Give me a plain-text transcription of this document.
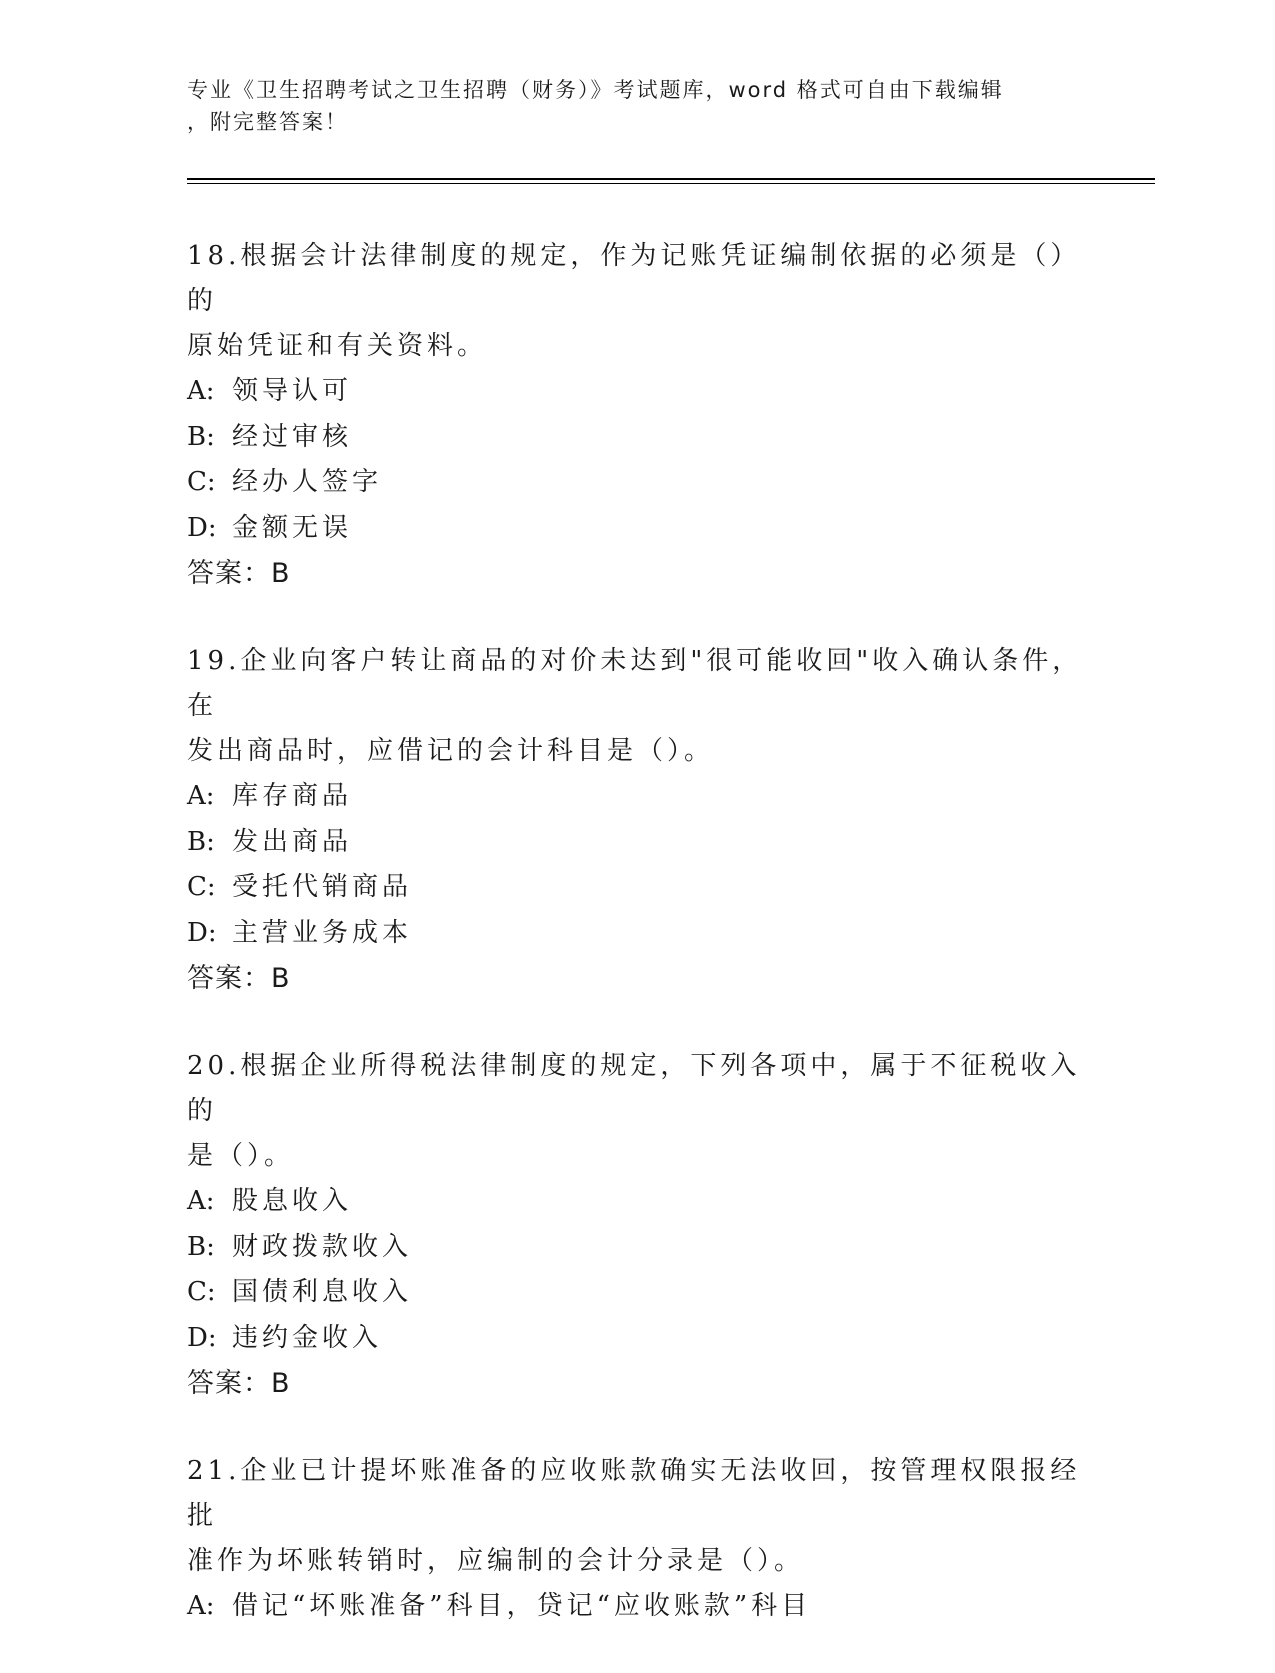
专业《卫生招聘考试之卫生招聘（财务）》考试题库，word 格式可自由下载编辑
，附完整答案！
18.根据会计法律制度的规定，作为记账凭证编制依据的必须是（）的
原始凭证和有关资料。
A: 领导认可
B: 经过审核
C: 经办人签字
D: 金额无误
答案：B
19.企业向客户转让商品的对价未达到"很可能收回"收入确认条件，在
发出商品时，应借记的会计科目是（）。
A: 库存商品
B: 发出商品
C: 受托代销商品
D: 主营业务成本
答案：B
20.根据企业所得税法律制度的规定，下列各项中，属于不征税收入的
是（）。
A: 股息收入
B: 财政拨款收入
C: 国债利息收入
D: 违约金收入
答案：B
21.企业已计提坏账准备的应收账款确实无法收回，按管理权限报经批
准作为坏账转销时，应编制的会计分录是（）。
A: 借记“坏账准备”科目，贷记“应收账款”科目
